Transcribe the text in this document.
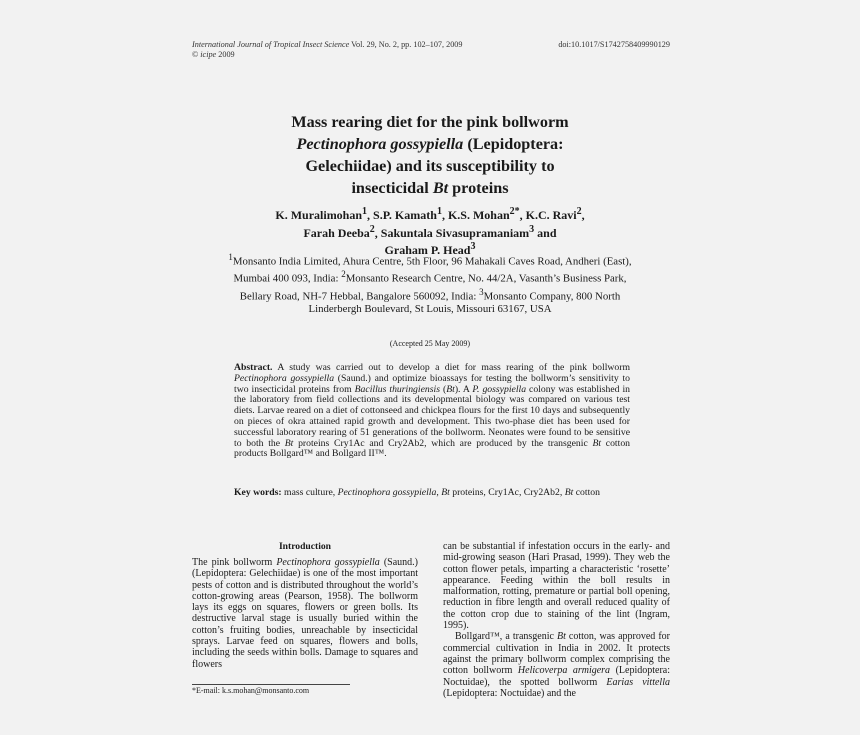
International Journal of Tropical Insect Science Vol. 29, No. 2, pp. 102–107, 2009
© icipe 2009
doi:10.1017/S1742758409990129
Mass rearing diet for the pink bollworm
Pectinophora gossypiella (Lepidoptera:
Gelechiidae) and its susceptibility to
insecticidal Bt proteins
K. Muralimohan$^1$, S.P. Kamath$^1$, K.S. Mohan$^{2*}$, K.C. Ravi$^2$,
Farah Deeba$^2$, Sakuntala Sivasupramaniam$^3$ and
Graham P. Head$^3$
$^1$Monsanto India Limited, Ahura Centre, 5th Floor, 96 Mahakali Caves Road, Andheri (East), Mumbai 400 093, India: $^2$Monsanto Research Centre, No. 44/2A, Vasanth’s Business Park, Bellary Road, NH-7 Hebbal, Bangalore 560092, India: $^3$Monsanto Company, 800 North Linderbergh Boulevard, St Louis, Missouri 63167, USA
(Accepted 25 May 2009)
Abstract. A study was carried out to develop a diet for mass rearing of the pink bollworm Pectinophora gossypiella (Saund.) and optimize bioassays for testing the bollworm’s sensitivity to two insecticidal proteins from Bacillus thuringiensis (Bt). A P. gossypiella colony was established in the laboratory from field collections and its developmental biology was compared on various test diets. Larvae reared on a diet of cottonseed and chickpea flours for the first 10 days and subsequently on pieces of okra attained rapid growth and development. This two-phase diet has been used for successful laboratory rearing of 51 generations of the bollworm. Neonates were found to be sensitive to both the Bt proteins Cry1Ac and Cry2Ab2, which are produced by the transgenic Bt cotton products Bollgard™ and Bollgard II™.
Key words: mass culture, Pectinophora gossypiella, Bt proteins, Cry1Ac, Cry2Ab2, Bt cotton
Introduction

The pink bollworm Pectinophora gossypiella (Saund.) (Lepidoptera: Gelechiidae) is one of the most important pests of cotton and is distributed throughout the world’s cotton-growing areas (Pearson, 1958). The bollworm lays its eggs on squares, flowers or green bolls. Its destructive larval stage is usually buried within the cotton’s fruiting bodies, unreachable by insecticidal sprays. Larvae feed on squares, flowers and bolls, including the seeds within bolls. Damage to squares and flowers

can be substantial if infestation occurs in the early- and mid-growing season (Hari Prasad, 1999). They web the cotton flower petals, imparting a characteristic ‘rosette’ appearance. Feeding within the boll results in malformation, rotting, premature or partial boll opening, reduction in fibre length and overall reduced quality of the cotton crop due to staining of the lint (Ingram, 1995).

Bollgard™, a transgenic Bt cotton, was approved for commercial cultivation in India in 2002. It protects against the primary bollworm complex comprising the cotton bollworm Helicoverpa armigera (Lepidoptera: Noctuidae), the spotted bollworm Earias vittella (Lepidoptera: Noctuidae) and the

*E-mail: k.s.mohan@monsanto.com
